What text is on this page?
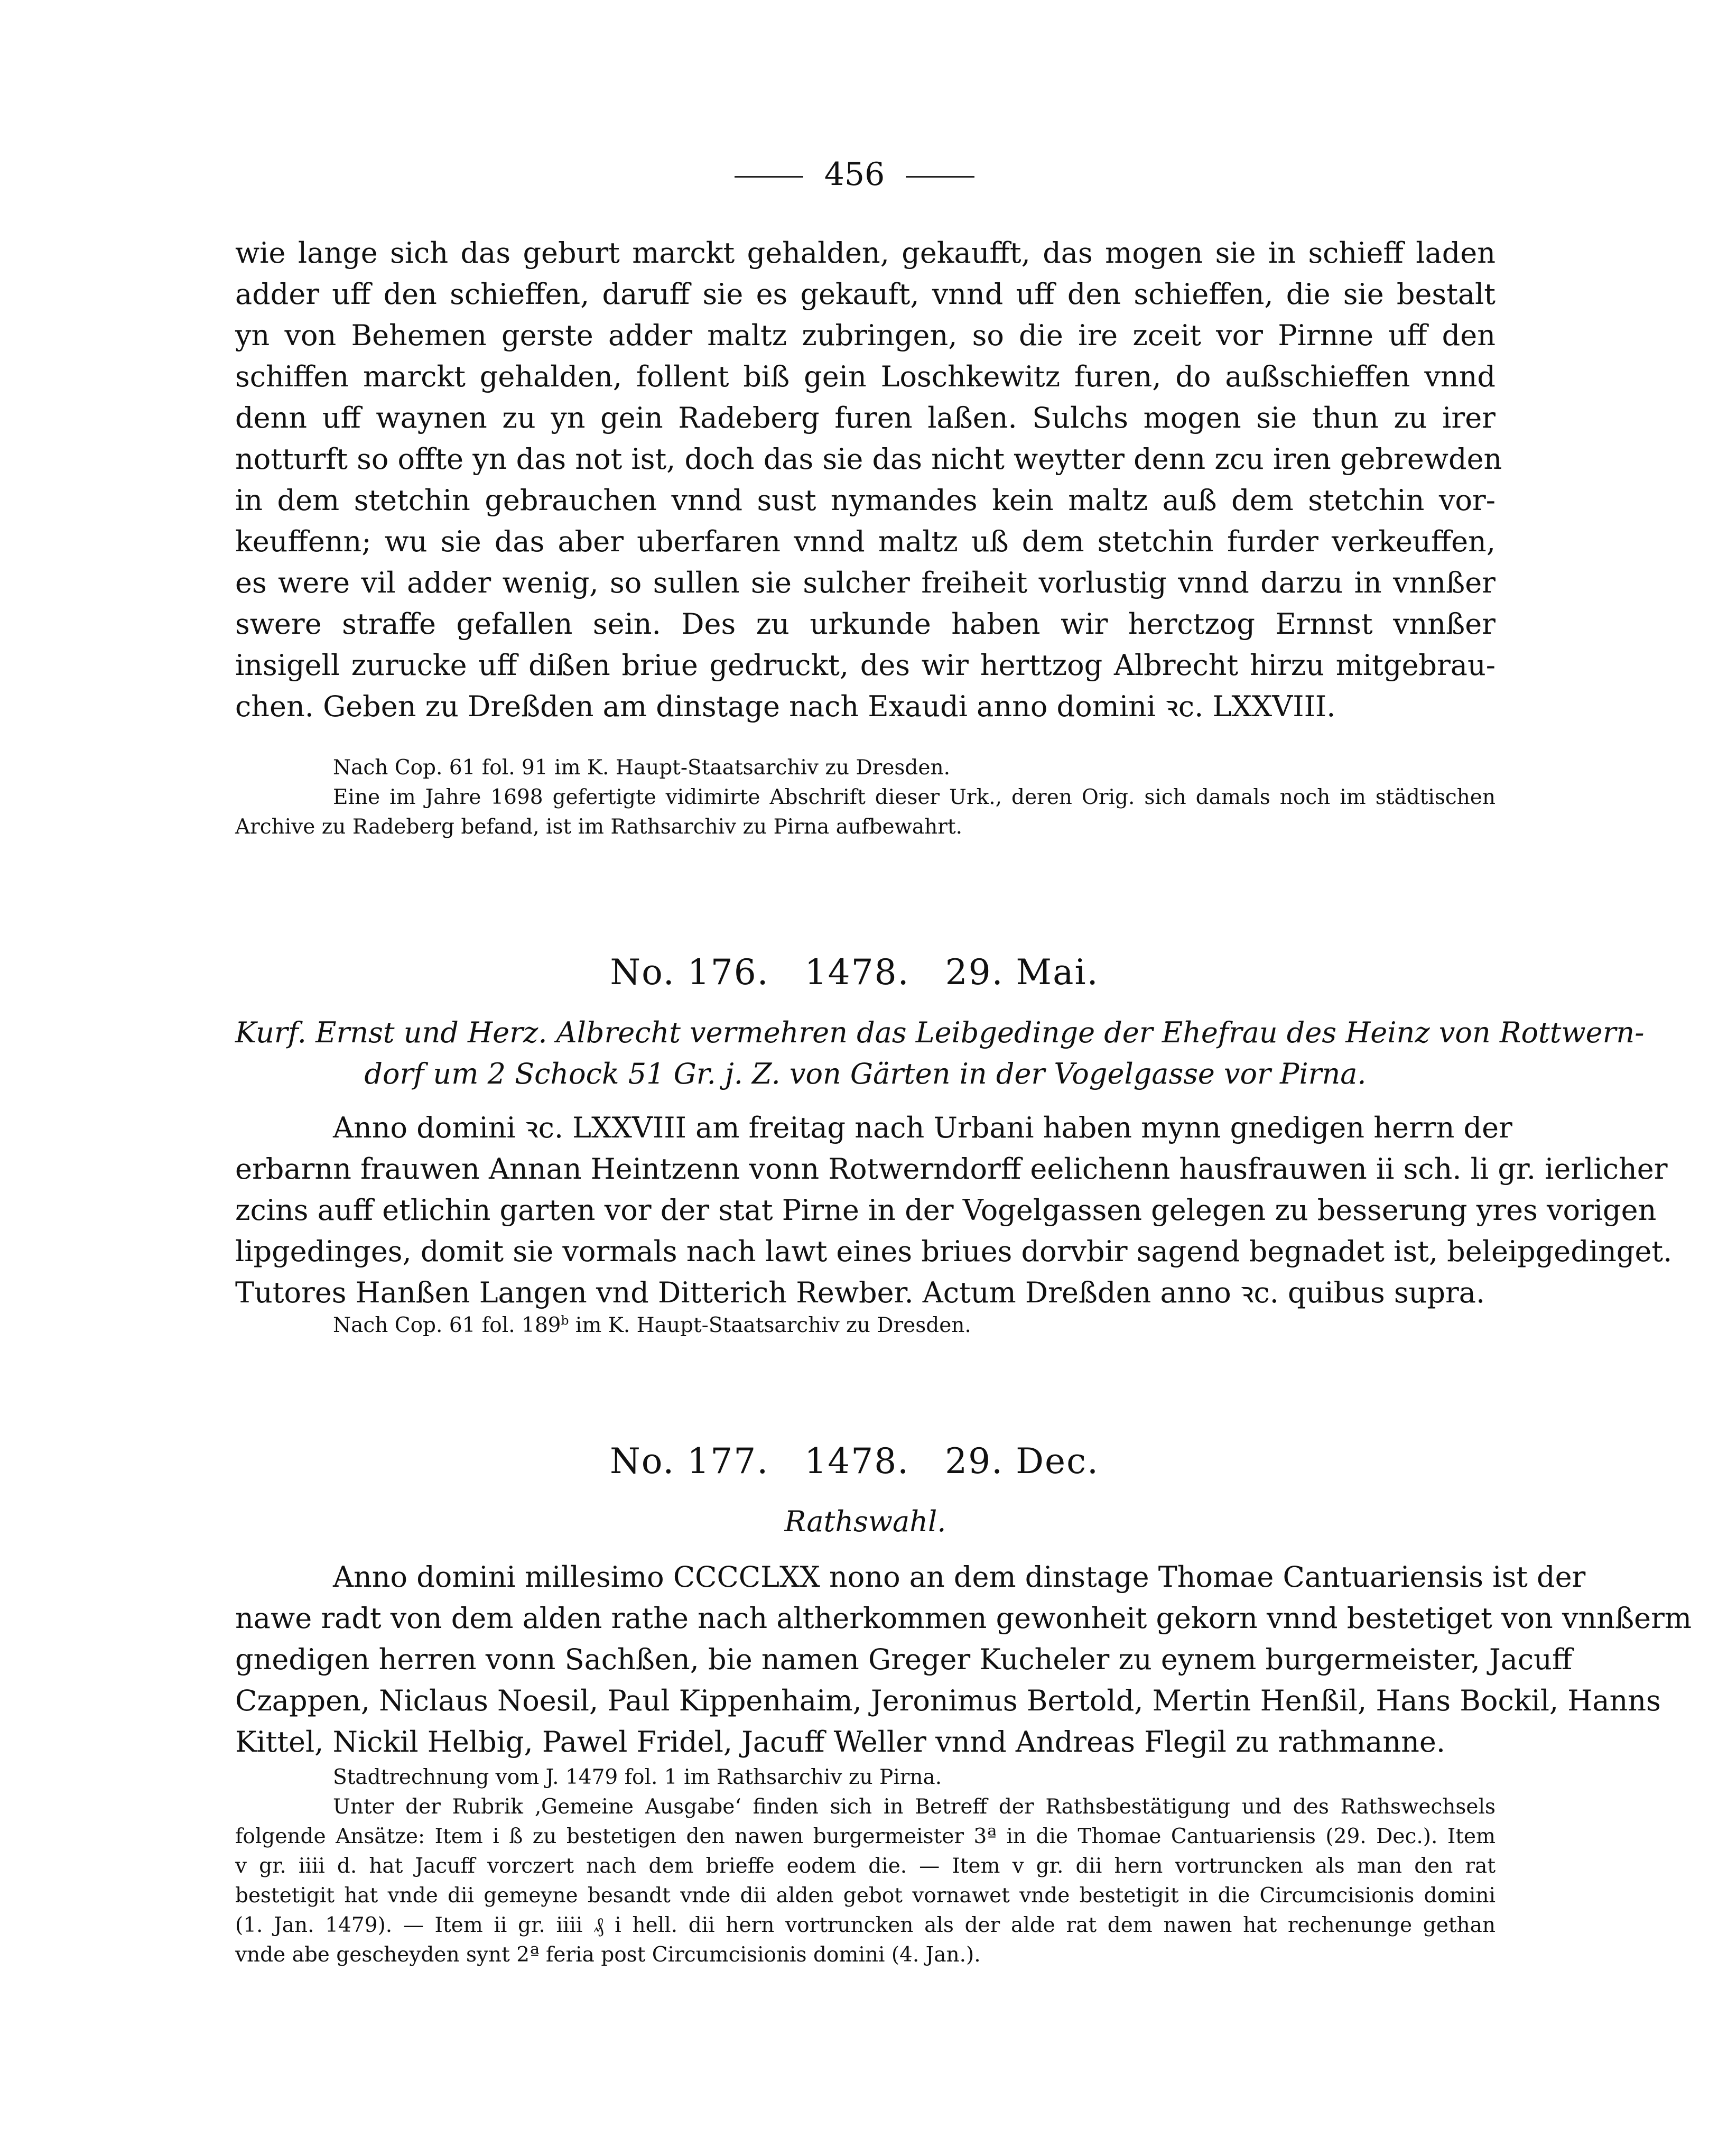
456
wie lange sich das geburt marckt gehalden, gekaufft, das mogen sie in schieff laden
adder uff den schieffen, daruff sie es gekauft, vnnd uff den schieffen, die sie bestalt
yn von Behemen gerste adder maltz zubringen, so die ire zceit vor Pirnne uff den
schiffen marckt gehalden, follent biß gein Loschkewitz furen, do außschieffen vnnd
denn uff waynen zu yn gein Radeberg furen laßen. Sulchs mogen sie thun zu irer
notturft so offte yn das not ist, doch das sie das nicht weytter denn zcu iren gebrewden
in dem stetchin gebrauchen vnnd sust nymandes kein maltz auß dem stetchin vor-
keuffenn; wu sie das aber uberfaren vnnd maltz uß dem stetchin furder verkeuffen,
es were vil adder wenig, so sullen sie sulcher freiheit vorlustig vnnd darzu in vnnßer
swere straffe gefallen sein. Des zu urkunde haben wir herctzog Ernnst vnnßer
insigell zurucke uff dißen briue gedruckt, des wir herttzog Albrecht hirzu mitgebrau-
chen. Geben zu Dreßden am dinstage nach Exaudi anno domini ꝛc. LXXVIII.
Nach Cop. 61 fol. 91 im K. Haupt-Staatsarchiv zu Dresden.
Eine im Jahre 1698 gefertigte vidimirte Abschrift dieser Urk., deren Orig. sich damals noch im städtischen
Archive zu Radeberg befand, ist im Rathsarchiv zu Pirna aufbewahrt.
No. 176. 1478. 29. Mai.
Kurf. Ernst und Herz. Albrecht vermehren das Leibgedinge der Ehefrau des Heinz von Rottwern-
dorf um 2 Schock 51 Gr. j. Z. von Gärten in der Vogelgasse vor Pirna.
Anno domini ꝛc. LXXVIII am freitag nach Urbani haben mynn gnedigen herrn der
erbarnn frauwen Annan Heintzenn vonn Rotwerndorff eelichenn hausfrauwen ii sch. li gr. ierlicher
zcins auff etlichin garten vor der stat Pirne in der Vogelgassen gelegen zu besserung yres vorigen
lipgedinges, domit sie vormals nach lawt eines briues dorvbir sagend begnadet ist, beleipgedinget.
Tutores Hanßen Langen vnd Ditterich Rewber. Actum Dreßden anno ꝛc. quibus supra.
Nach Cop. 61 fol. 189$^b$ im K. Haupt-Staatsarchiv zu Dresden.
No. 177. 1478. 29. Dec.
Rathswahl.
Anno domini millesimo CCCCLXX nono an dem dinstage Thomae Cantuariensis ist der
nawe radt von dem alden rathe nach altherkommen gewonheit gekorn vnnd bestetiget von vnnßerm
gnedigen herren vonn Sachßen, bie namen Greger Kucheler zu eynem burgermeister, Jacuff
Czappen, Niclaus Noesil, Paul Kippenhaim, Jeronimus Bertold, Mertin Henßil, Hans Bockil, Hanns
Kittel, Nickil Helbig, Pawel Fridel, Jacuff Weller vnnd Andreas Flegil zu rathmanne.
Stadtrechnung vom J. 1479 fol. 1 im Rathsarchiv zu Pirna.
Unter der Rubrik ‚Gemeine Ausgabe‘ finden sich in Betreff der Rathsbestätigung und des Rathswechsels
folgende Ansätze: Item i ß zu bestetigen den nawen burgermeister 3ª in die Thomae Cantuariensis (29. Dec.). Item
v gr. iiii d. hat Jacuff vorczert nach dem brieffe eodem die. — Item v gr. dii hern vortruncken als man den rat
bestetigit hat vnde dii gemeyne besandt vnde dii alden gebot vornawet vnde bestetigit in die Circumcisionis domini
(1. Jan. 1479). — Item ii gr. iiii ₰ i hell. dii hern vortruncken als der alde rat dem nawen hat rechenunge gethan
vnde abe gescheyden synt 2ª feria post Circumcisionis domini (4. Jan.).
